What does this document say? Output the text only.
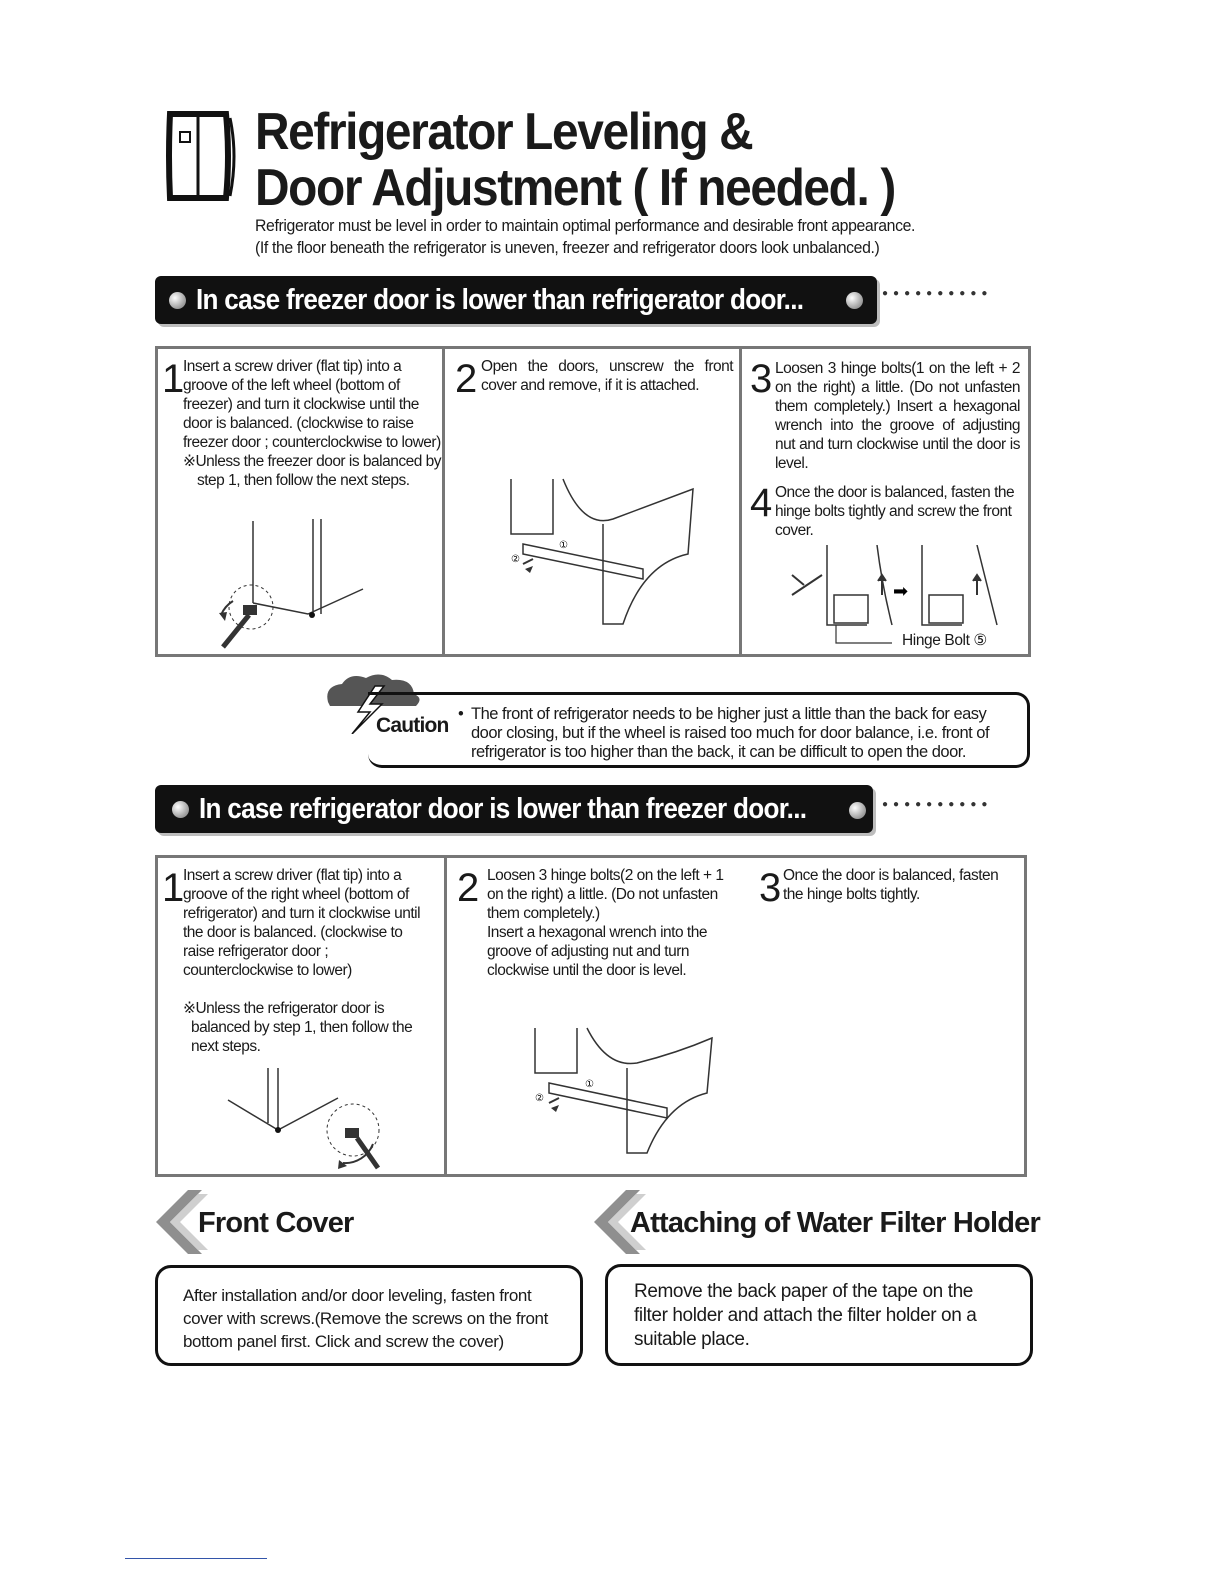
Refrigerator Leveling &
Door Adjustment ( If needed. )
Refrigerator must be level in order to maintain optimal performance and desirable front appearance.
(If the floor beneath the refrigerator is uneven, freezer and refrigerator doors look unbalanced.)
In case freezer door is lower than refrigerator door...	●●●●●●●●●●
1

Insert a screw driver (flat tip) into a groove of the left wheel (bottom of freezer) and turn it clockwise until the door is balanced. (clockwise to raise freezer door ; counterclockwise to lower)

※Unless the freezer door is balanced by step 1, then follow the next steps.

2 Open the doors, unscrew the front cover and remove, if it is attached.

②
①
3 Loosen 3 hinge bolts(1 on the left + 2 on the right) a little. (Do not unfasten them completely.) Insert a hexagonal wrench into the groove of adjusting nut and turn clockwise until the door is level.

4 Once the door is balanced, fasten the hinge bolts tightly and screw the front cover.

➡
Hinge Bolt ⑤
Caution • The front of refrigerator needs to be higher just a little than the back for easy door closing, but if the wheel is raised too much for door balance, i.e. front of refrigerator is too higher than the back, it can be difficult to open the door.
In case refrigerator door is lower than freezer door...	●●●●●●●●●●
1

Insert a screw driver (flat tip) into a groove of the right wheel (bottom of refrigerator) and turn it clockwise until the door is balanced. (clockwise to raise refrigerator door ; counterclockwise to lower)

※Unless the refrigerator door is balanced by step 1, then follow the next steps.

2 Loosen 3 hinge bolts(2 on the left + 1 on the right) a little. (Do not unfasten them completely.)

Insert a hexagonal wrench into the groove of adjusting nut and turn clockwise until the door is level.

3 Once the door is balanced, fasten the hinge bolts tightly.

②
①
Front Cover
After installation and/or door leveling, fasten front cover with screws.(Remove the screws on the front bottom panel first. Click and screw the cover)
Attaching of Water Filter Holder
Remove the back paper of the tape on the filter holder and attach the filter holder on a suitable place.
